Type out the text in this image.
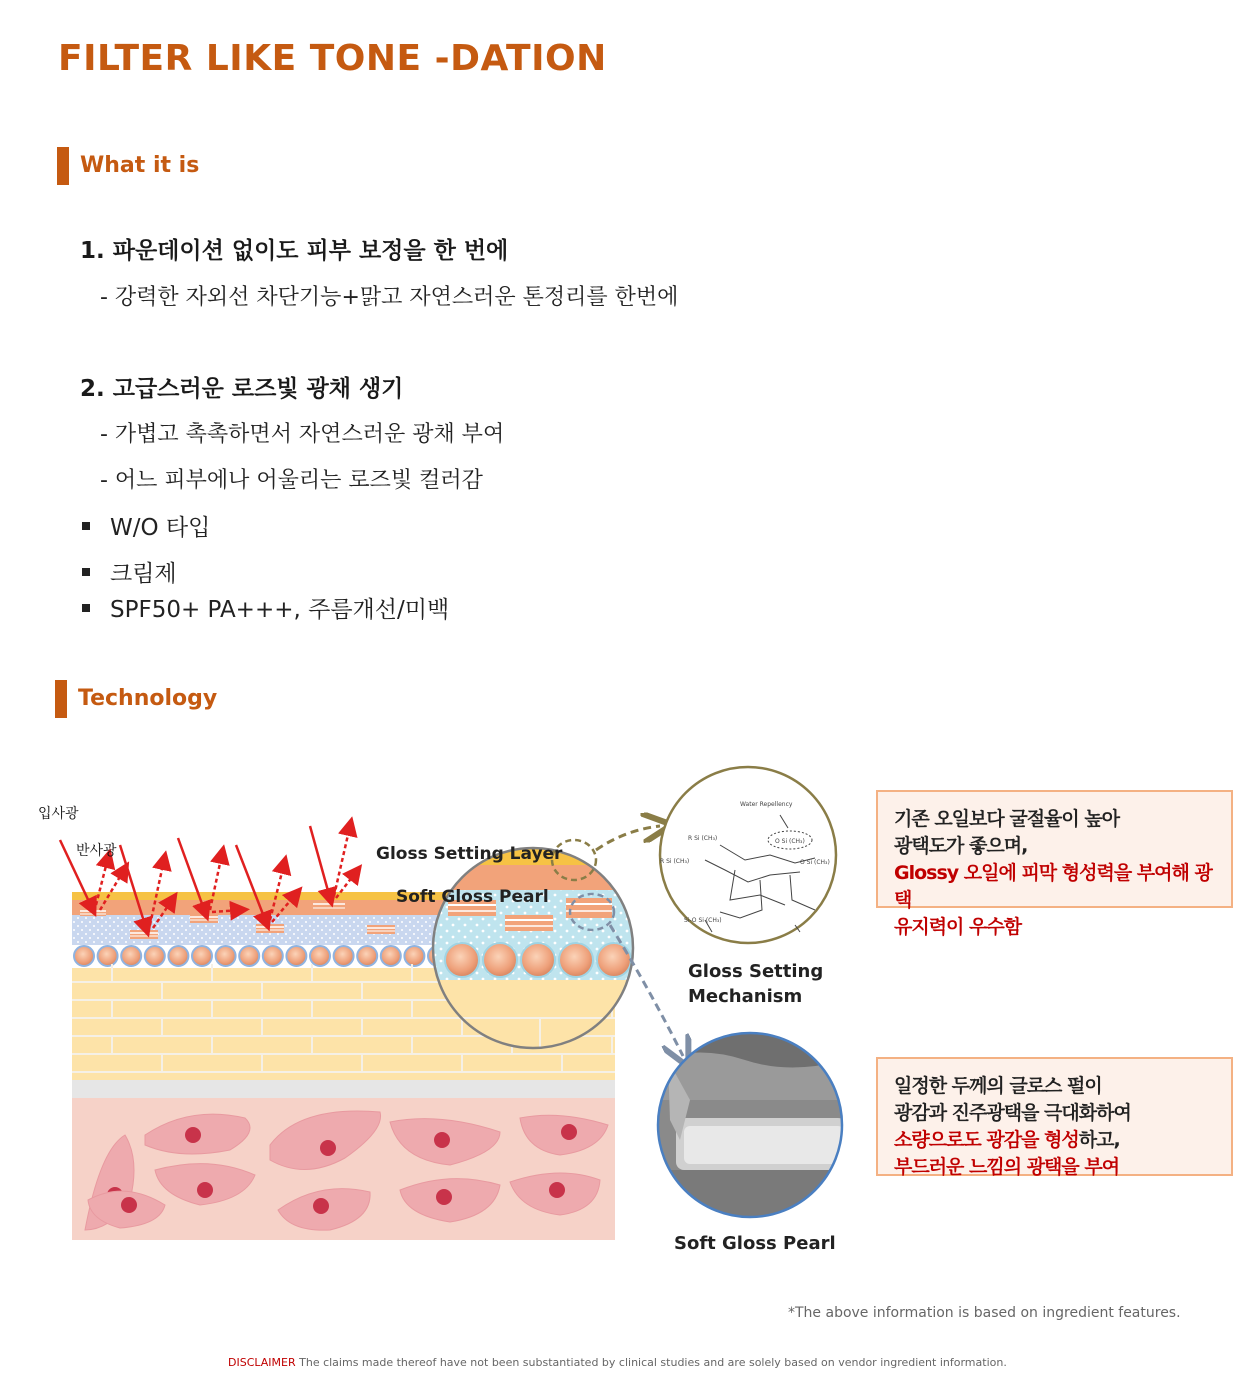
FILTER LIKE TONE -DATION
What it is
1. 파운데이션 없이도 피부 보정을 한 번에
- 강력한 자외선 차단기능+맑고 자연스러운 톤정리를 한번에
2. 고급스러운 로즈빛 광채 생기
- 가볍고 촉촉하면서 자연스러운 광채 부여
- 어느 피부에나 어울리는 로즈빛 컬러감
W/O 타입
크림제
SPF50+ PA+++, 주름개선/미백
Technology
R Si (CH₃)
R Si (CH₃)	O Si (CH₃)
Si-O Si (CH₃)
O Si (CH₃)
Water Repellency
입사광
반사광	Gloss Setting Layer
Soft Gloss Pearl
Gloss Setting
Mechanism
Soft Gloss Pearl
기존 오일보다 굴절율이 높아
광택도가 좋으며,
Glossy 오일에 피막 형성력을 부여해 광택
유지력이 우수함
일정한 두께의 글로스 펄이
광감과 진주광택을 극대화하여
소량으로도 광감을 형성하고,
부드러운 느낌의 광택을 부여
*The above information is based on ingredient features.
DISCLAIMER The claims made thereof have not been substantiated by clinical studies and are solely based on vendor ingredient information.
